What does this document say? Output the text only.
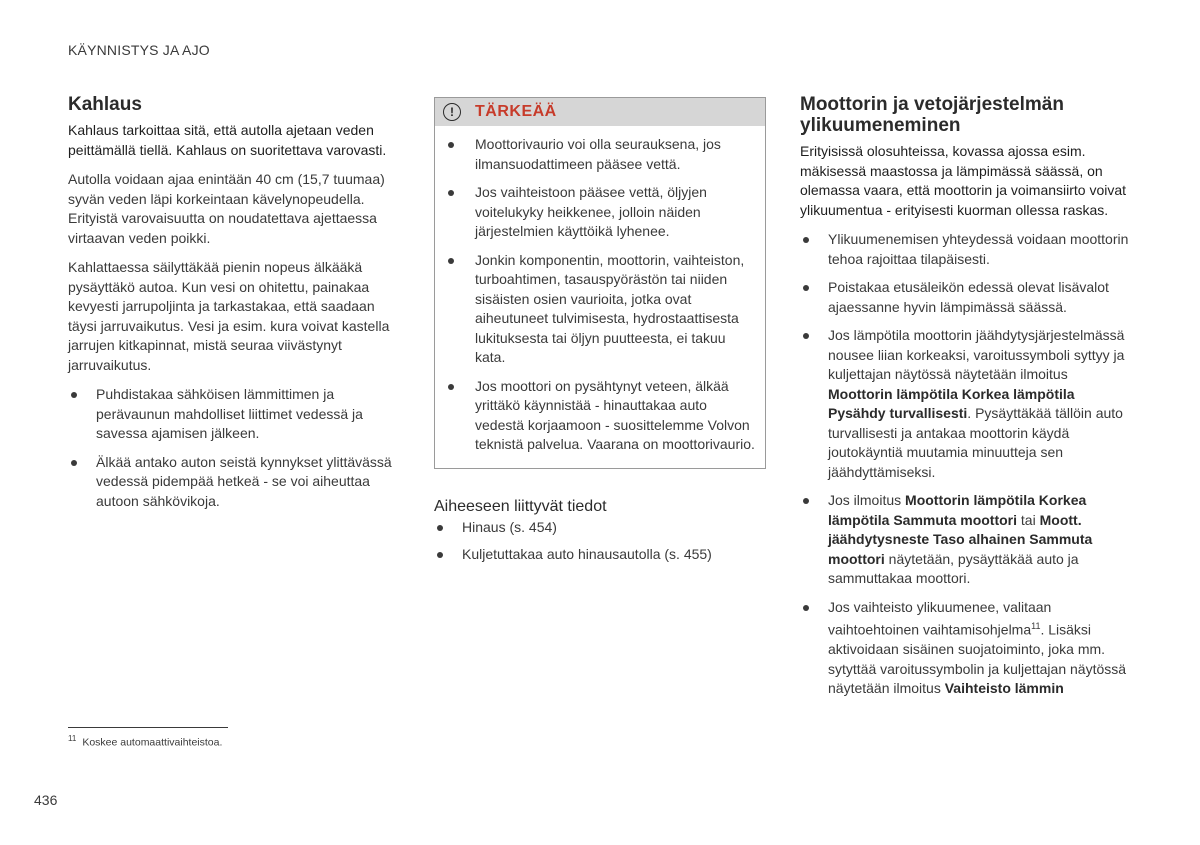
KÄYNNISTYS JA AJO
Kahlaus

Kahlaus tarkoittaa sitä, että autolla ajetaan veden peittämällä tiellä. Kahlaus on suoritettava varovasti.

Autolla voidaan ajaa enintään 40 cm (15,7 tuumaa) syvän veden läpi korkeintaan kävelynopeudella. Erityistä varovaisuutta on noudatettava ajettaessa virtaavan veden poikki.

Kahlattaessa säilyttäkää pienin nopeus älkääkä pysäyttäkö autoa. Kun vesi on ohitettu, painakaa kevyesti jarrupoljinta ja tarkastakaa, että saadaan täysi jarruvaikutus. Vesi ja esim. kura voivat kastella jarrujen kitkapinnat, mistä seuraa viivästynyt jarruvaikutus.

Puhdistakaa sähköisen lämmittimen ja perävaunun mahdolliset liittimet vedessä ja savessa ajamisen jälkeen.
Älkää antako auton seistä kynnykset ylittävässä vedessä pidempää hetkeä - se voi aiheuttaa autoon sähkövikoja.
!	TÄRKEÄÄ
Moottorivaurio voi olla seurauksena, jos ilmansuodattimeen pääsee vettä.
Jos vaihteistoon pääsee vettä, öljyjen voitelukyky heikkenee, jolloin näiden järjestelmien käyttöikä lyhenee.
Jonkin komponentin, moottorin, vaihteiston, turboahtimen, tasauspyörästön tai niiden sisäisten osien vaurioita, jotka ovat aiheutuneet tulvimisesta, hydrostaattisesta lukituksesta tai öljyn puutteesta, ei takuu kata.
Jos moottori on pysähtynyt veteen, älkää yrittäkö käynnistää - hinauttakaa auto vedestä korjaamoon - suosittelemme Volvon teknistä palvelua. Vaarana on moottorivaurio.
Aiheeseen liittyvät tiedot
Hinaus (s. 454)
Kuljetuttakaa auto hinausautolla (s. 455)
Moottorin ja vetojärjestelmän ylikuumeneminen

Erityisissä olosuhteissa, kovassa ajossa esim. mäkisessä maastossa ja lämpimässä säässä, on olemassa vaara, että moottorin ja voimansiirto voivat ylikuumentua - erityisesti kuorman ollessa raskas.

Ylikuumenemisen yhteydessä voidaan moottorin tehoa rajoittaa tilapäisesti.
Poistakaa etusäleikön edessä olevat lisävalot ajaessanne hyvin lämpimässä säässä.
Jos lämpötila moottorin jäähdytysjärjestelmässä nousee liian korkeaksi, varoitussymboli syttyy ja kuljettajan näytössä näytetään ilmoitus Moottorin lämpötila Korkea lämpötila Pysähdy turvallisesti. Pysäyttäkää tällöin auto turvallisesti ja antakaa moottorin käydä joutokäyntiä muutamia minuutteja sen jäähdyttämiseksi.
Jos ilmoitus Moottorin lämpötila Korkea lämpötila Sammuta moottori tai Moott. jäähdytysneste Taso alhainen Sammuta moottori näytetään, pysäyttäkää auto ja sammuttakaa moottori.
Jos vaihteisto ylikuumenee, valitaan vaihtoehtoinen vaihtamisohjelma$^{11}$. Lisäksi aktivoidaan sisäinen suojatoiminto, joka mm. sytyttää varoitussymbolin ja kuljettajan näytössä näytetään ilmoitus Vaihteisto lämmin
$^{11}$ Koskee automaattivaihteistoa.
436
